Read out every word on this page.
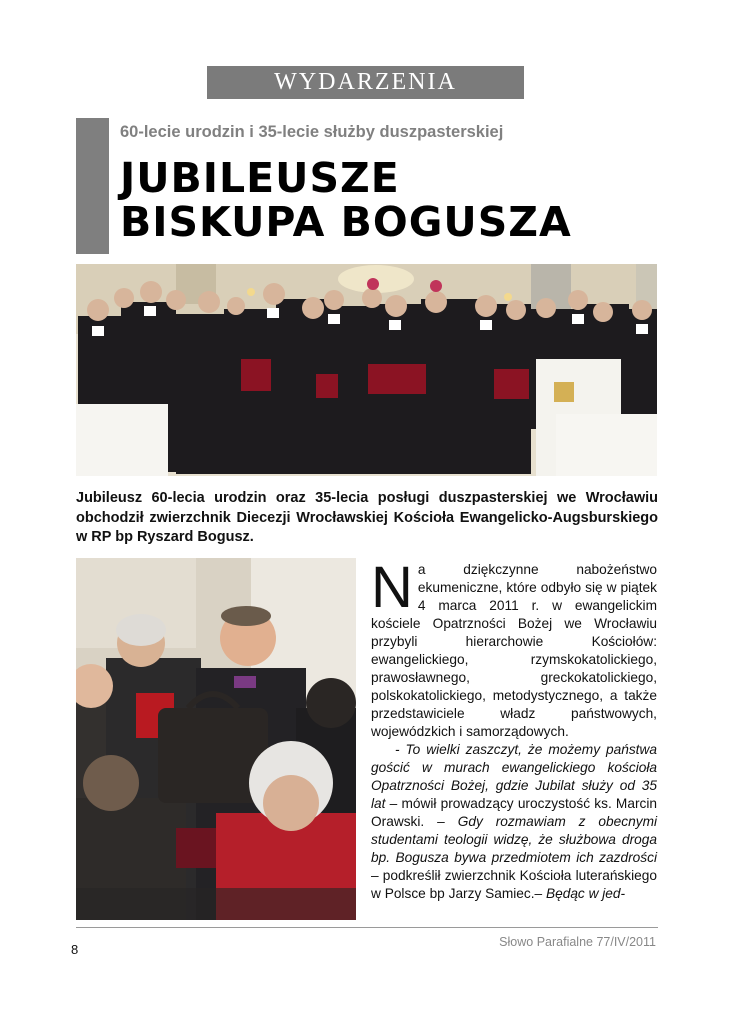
WYDARZENIA
60-lecie urodzin i 35-lecie służby duszpasterskiej
JUBILEUSZE
BISKUPA BOGUSZA
Jubileusz 60-lecia urodzin oraz 35-lecia posługi duszpasterskiej we Wrocławiu obchodził zwierzchnik Diecezji Wrocławskiej Kościoła Ewangelicko-Augsburskiego w RP bp Ryszard Bogusz.
N a dziękczynne nabożeństwo ekumeniczne, które odbyło się w piątek 4 marca 2011 r. w ewangelickim kościele Opatrzności Bożej we Wrocławiu przybyli hierarchowie Kościołów: ewangelickiego, rzymskokatolickiego, prawosławnego, greckokatolickiego, polskokatolickiego, metodystycznego, a także przedstawiciele władz państwowych, wojewódzkich i samorządowych.

- To wielki zaszczyt, że możemy państwa gościć w murach ewangelickiego kościoła Opatrzności Bożej, gdzie Jubilat służy od 35 lat – mówił prowadzący uroczystość ks. Marcin Orawski. – Gdy rozmawiam z obecnymi studentami teologii widzę, że służbowa droga bp. Bogusza bywa przedmiotem ich zazdrości – podkreślił zwierzchnik Kościoła luterańskiego w Polsce bp Jarzy Samiec.– Będąc w jed-

8	Słowo Parafialne 77/IV/2011
